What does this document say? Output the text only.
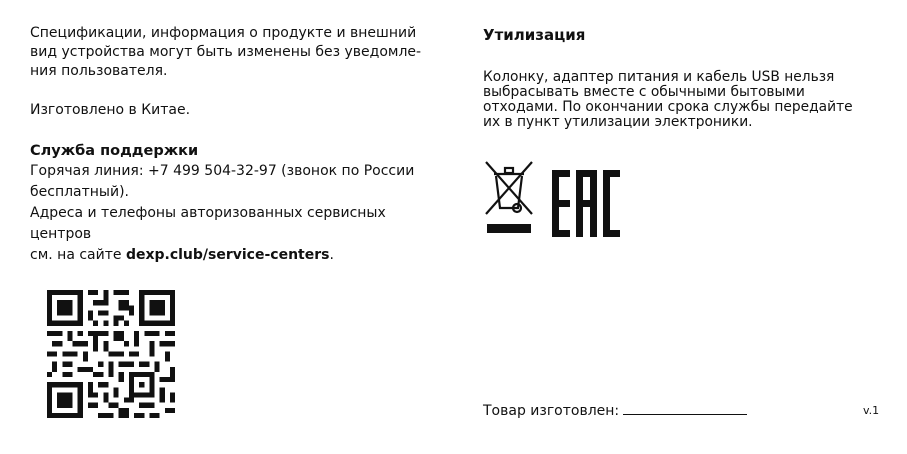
Спецификации, информация о продукте и внешний
вид устройства могут быть изменены без уведомле-
ния пользователя.

Изготовлено в Китае.

Служба поддержки

Горячая линия: +7 499 504-32-97 (звонок по России
бесплатный).
Адреса и телефоны авторизованных сервисных центров
см. на сайте dexp.club/service-centers.

Утилизация

Колонку, адаптер питания и кабель USB нельзя
выбрасывать вместе с обычными бытовыми
отходами. По окончании срока службы передайте
их в пункт утилизации электроники.

Товар изготовлен:	v.1
